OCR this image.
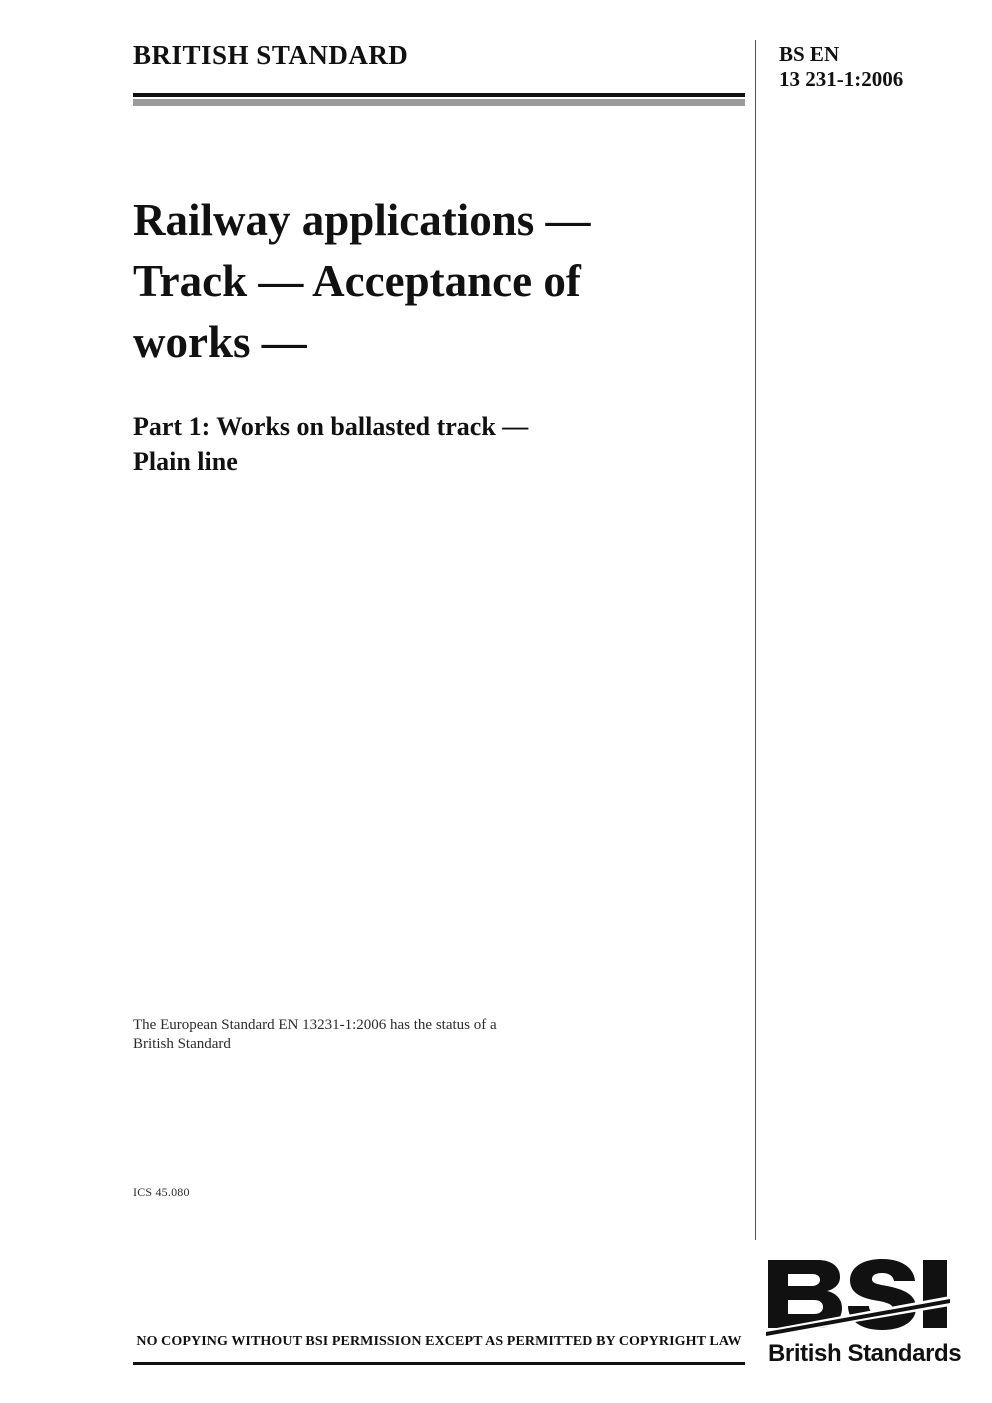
BRITISH STANDARD	BS EN
13 231-1:2006
Railway applications —
Track — Acceptance of
works —
Part 1: Works on ballasted track —
Plain line
The European Standard EN 13231-1:2006 has the status of a
British Standard
ICS 45.080
NO COPYING WITHOUT BSI PERMISSION EXCEPT AS PERMITTED BY COPYRIGHT LAW British Standards
